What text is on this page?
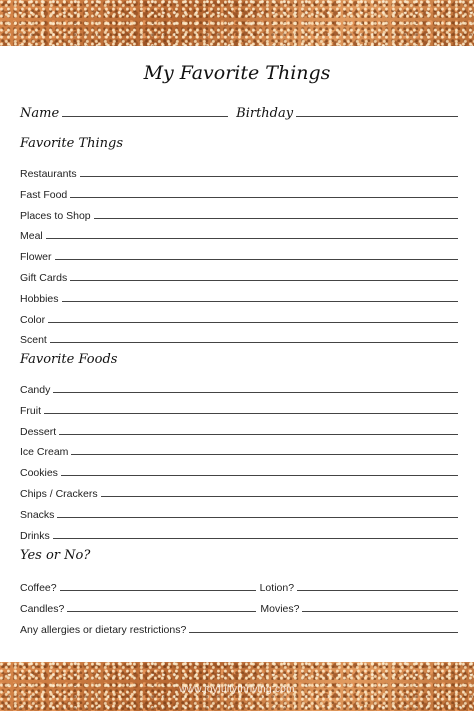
My Favorite Things
Name	Birthday
Favorite Things
Restaurants
Fast Food
Places to Shop
Meal
Flower
Gift Cards
Hobbies
Color
Scent
Favorite Foods
Candy
Fruit
Dessert
Ice Cream
Cookies
Chips / Crackers
Snacks
Drinks
Yes or No?
Coffee?	Lotion?
Candles?	Movies?
Any allergies or dietary restrictions?
www.joyfullythriving.com
